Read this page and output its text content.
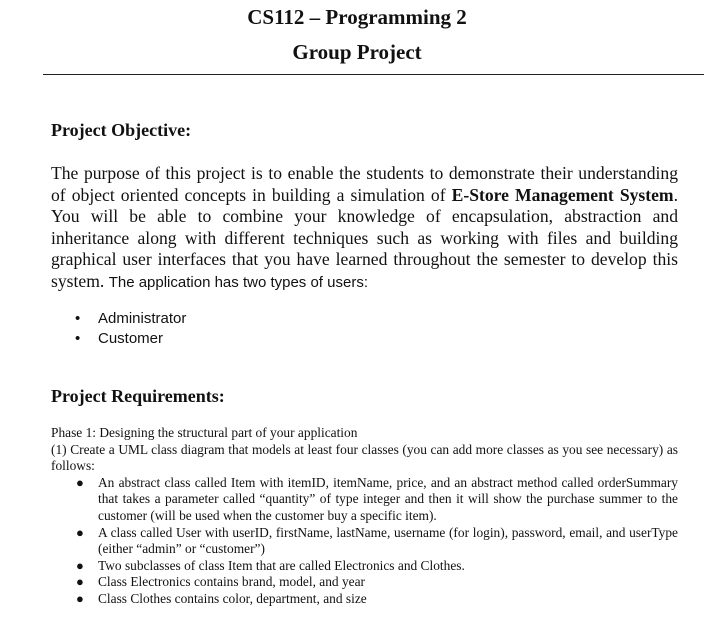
CS112 – Programming 2
Group Project
Project Objective:
The purpose of this project is to enable the students to demonstrate their understanding of object oriented concepts in building a simulation of E-Store Management System. You will be able to combine your knowledge of encapsulation, abstraction and inheritance along with different techniques such as working with files and building graphical user interfaces that you have learned throughout the semester to develop this system. The application has two types of users:
• Administrator
• Customer
Project Requirements:

Phase 1: Designing the structural part of your application

(1) Create a UML class diagram that models at least four classes (you can add more classes as you see necessary) as follows:

● An abstract class called Item with itemID, itemName, price, and an abstract method called orderSummary that takes a parameter called “quantity” of type integer and then it will show the purchase summer to the customer (will be used when the customer buy a specific item).
● A class called User with userID, firstName, lastName, username (for login), password, email, and userType (either “admin” or “customer”)
● Two subclasses of class Item that are called Electronics and Clothes.
● Class Electronics contains brand, model, and year
● Class Clothes contains color, department, and size
